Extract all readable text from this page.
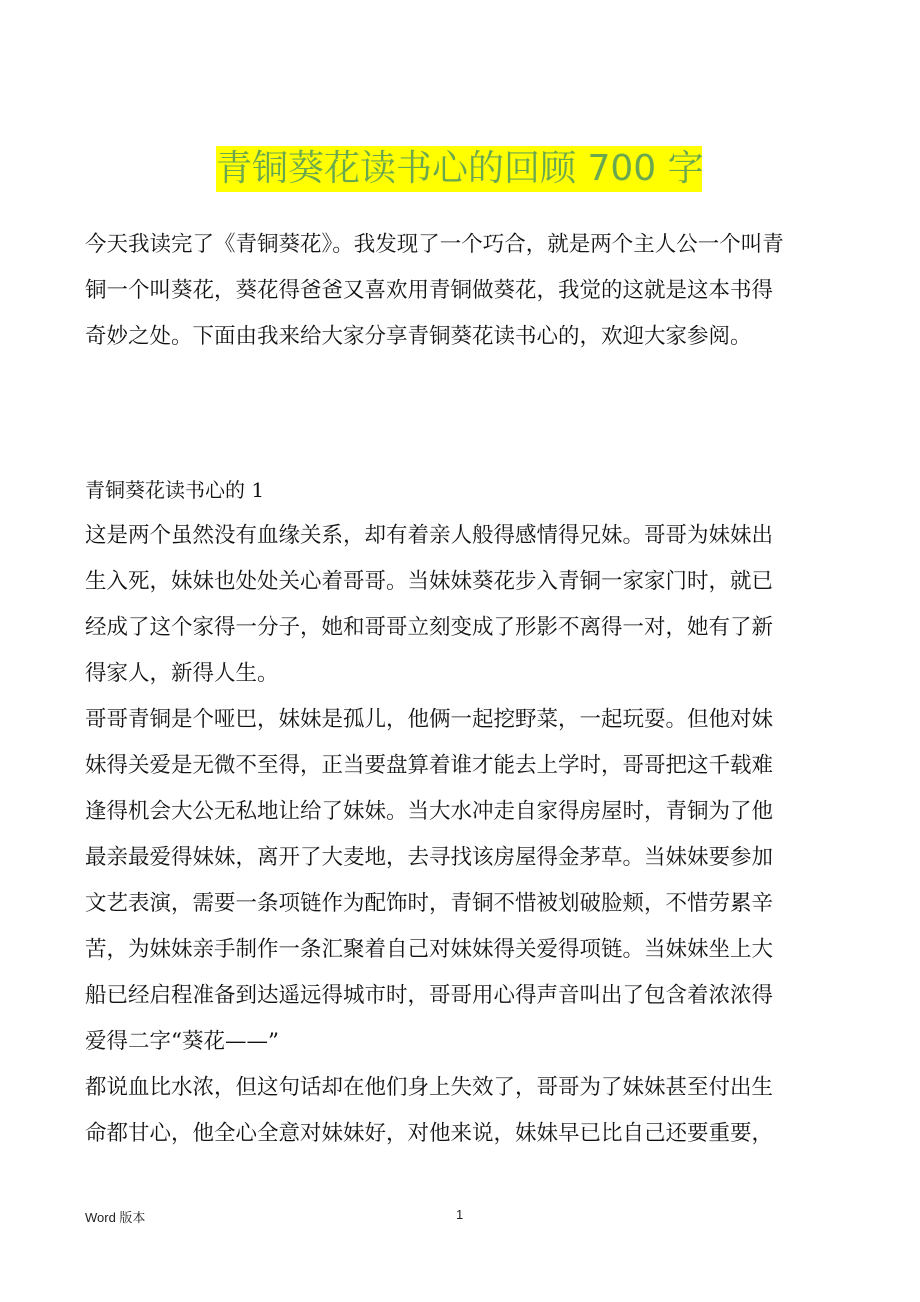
青铜葵花读书心的回顾 700 字
今天我读完了《青铜葵花》。我发现了一个巧合，就是两个主人公一个叫青
铜一个叫葵花，葵花得爸爸又喜欢用青铜做葵花，我觉的这就是这本书得
奇妙之处。下面由我来给大家分享青铜葵花读书心的，欢迎大家参阅。
青铜葵花读书心的 1
这是两个虽然没有血缘关系，却有着亲人般得感情得兄妹。哥哥为妹妹出
生入死，妹妹也处处关心着哥哥。当妹妹葵花步入青铜一家家门时，就已
经成了这个家得一分子，她和哥哥立刻变成了形影不离得一对，她有了新
得家人，新得人生。
哥哥青铜是个哑巴，妹妹是孤儿，他俩一起挖野菜，一起玩耍。但他对妹
妹得关爱是无微不至得，正当要盘算着谁才能去上学时，哥哥把这千载难
逢得机会大公无私地让给了妹妹。当大水冲走自家得房屋时，青铜为了他
最亲最爱得妹妹，离开了大麦地，去寻找该房屋得金茅草。当妹妹要参加
文艺表演，需要一条项链作为配饰时，青铜不惜被划破脸颊，不惜劳累辛
苦，为妹妹亲手制作一条汇聚着自己对妹妹得关爱得项链。当妹妹坐上大
船已经启程准备到达遥远得城市时，哥哥用心得声音叫出了包含着浓浓得
爱得二字“葵花——”
都说血比水浓，但这句话却在他们身上失效了，哥哥为了妹妹甚至付出生
命都甘心，他全心全意对妹妹好，对他来说，妹妹早已比自己还要重要，
Word 版本	1
